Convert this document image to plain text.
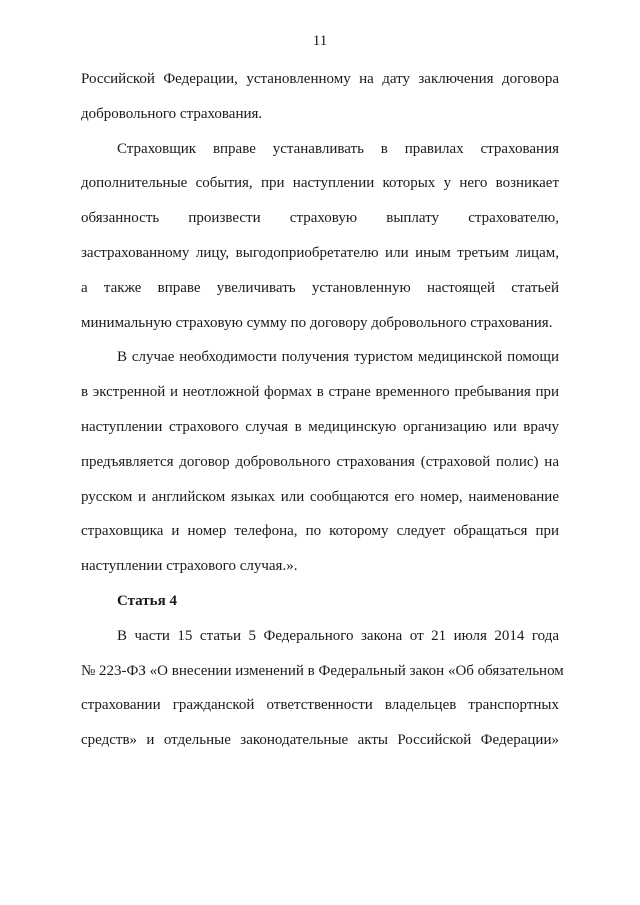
11
Российской Федерации, установленному на дату заключения договора
добровольного страхования.
Страховщик вправе устанавливать в правилах страхования
дополнительные события, при наступлении которых у него возникает
обязанность произвести страховую выплату страхователю,
застрахованному лицу, выгодоприобретателю или иным третьим лицам,
а также вправе увеличивать установленную настоящей статьей
минимальную страховую сумму по договору добровольного страхования.
В случае необходимости получения туристом медицинской помощи
в экстренной и неотложной формах в стране временного пребывания при
наступлении страхового случая в медицинскую организацию или врачу
предъявляется договор добровольного страхования (страховой полис) на
русском и английском языках или сообщаются его номер, наименование
страховщика и номер телефона, по которому следует обращаться при
наступлении страхового случая.».
Статья 4
В части 15 статьи 5 Федерального закона от 21 июля 2014 года
№ 223-ФЗ «О внесении изменений в Федеральный закон «Об обязательном
страховании гражданской ответственности владельцев транспортных
средств» и отдельные законодательные акты Российской Федерации»
